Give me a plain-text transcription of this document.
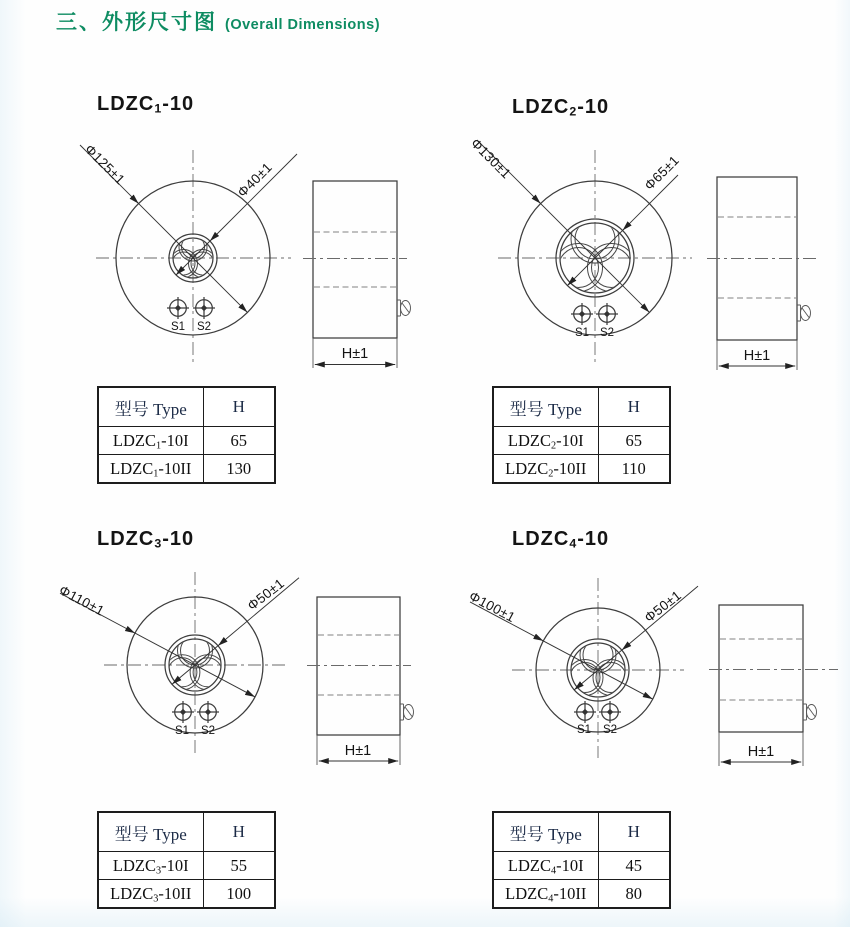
Φ125±1	Φ40±1
S1 S2
H±1
Φ130±1	Φ65±1
S1 S2
H±1
Φ110±1	Φ50±1
S1 S2
H±1
Φ100±1	Φ50±1
S1 S2
H±1
三、外形尺寸图 (Overall Dimensions)
$LDZC_1-10$	$LDZC_2-10$
$LDZC_3-10$	$LDZC_4-10$
型号 Type	H
$LDZC_1-10I$	65
$LDZC_1-10II$	130
型号 Type	H
$LDZC_2-10I$	65
$LDZC_2-10II$	110
型号 Type	H
$LDZC_3-10I$	55
$LDZC_3-10II$	100
型号 Type	H
$LDZC_4-10I$	45
$LDZC_4-10II$	80
